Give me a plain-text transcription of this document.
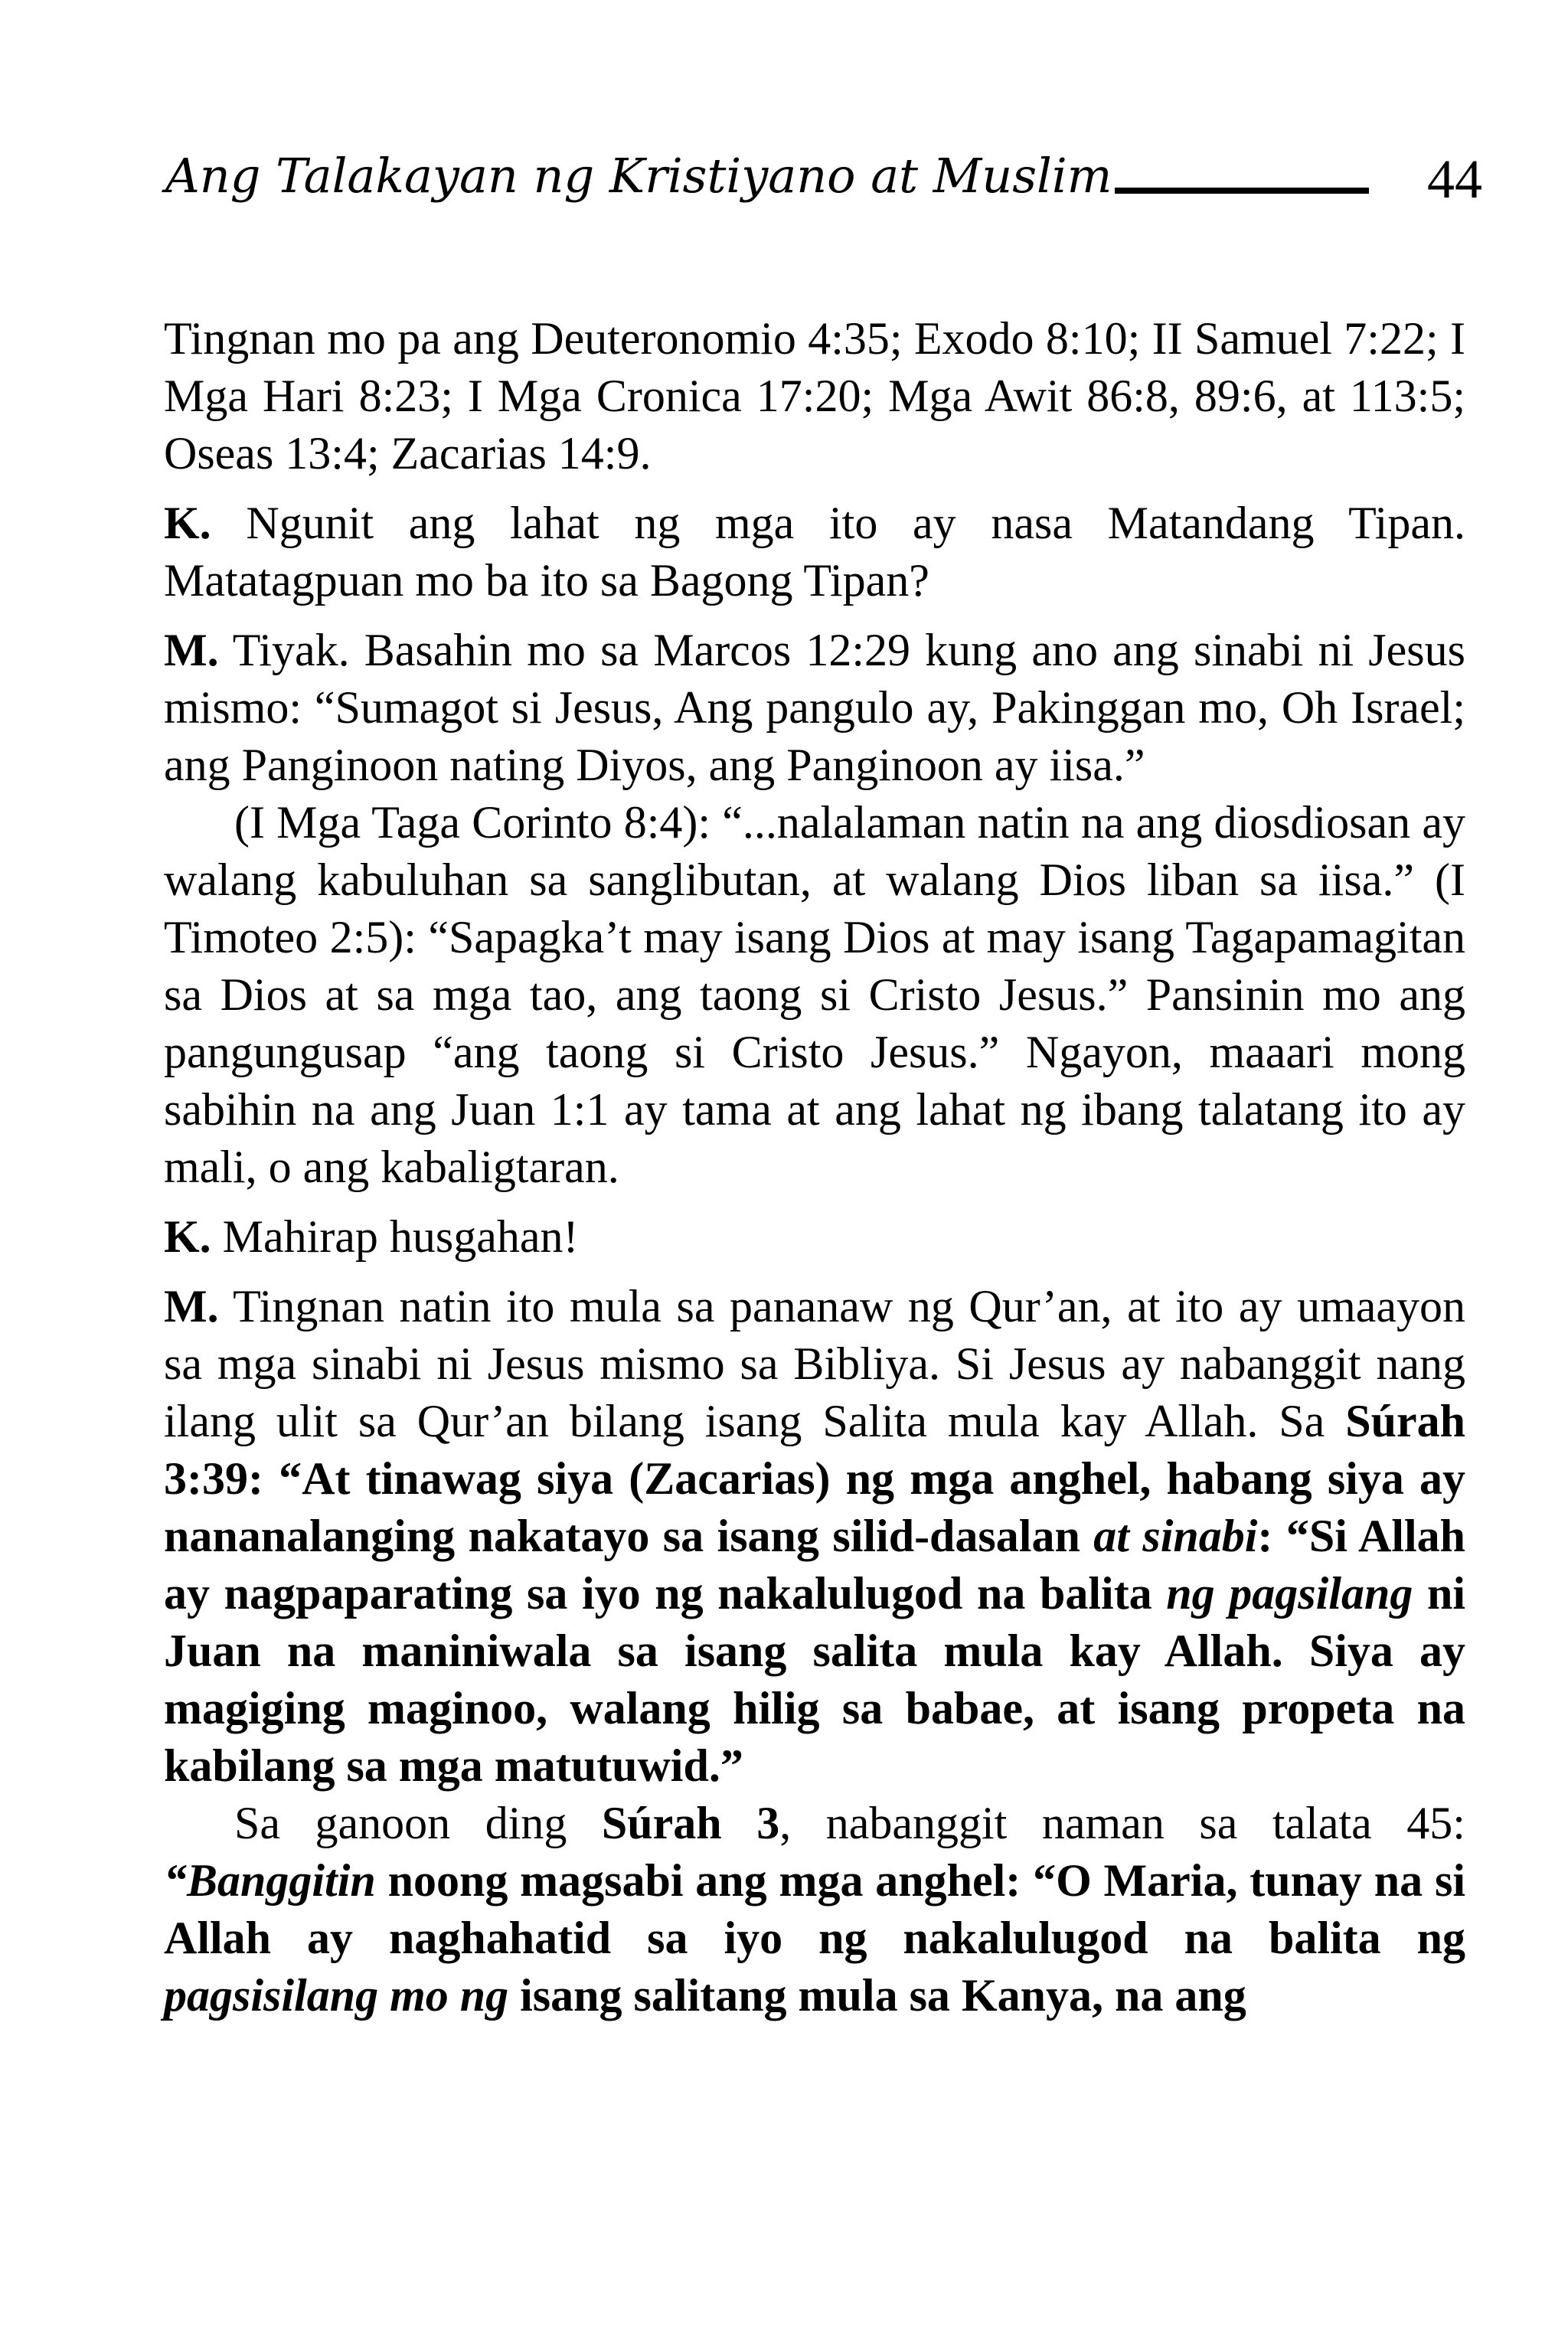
Ang Talakayan ng Kristiyano at Muslim	44

Tingnan mo pa ang Deuteronomio 4:35; Exodo 8:10; II Samuel 7:22; I Mga Hari 8:23; I Mga Cronica 17:20; Mga Awit 86:8, 89:6, at 113:5; Oseas 13:4; Zacarias 14:9.

K. Ngunit ang lahat ng mga ito ay nasa Matandang Tipan. Matatagpuan mo ba ito sa Bagong Tipan?

M. Tiyak. Basahin mo sa Marcos 12:29 kung ano ang sinabi ni Jesus mismo: “Sumagot si Jesus, Ang pangulo ay, Pakinggan mo, Oh Israel; ang Panginoon nating Diyos, ang Panginoon ay iisa.”

(I Mga Taga Corinto 8:4): “...nalalaman natin na ang diosdiosan ay walang kabuluhan sa sanglibutan, at walang Dios liban sa iisa.” (I Timoteo 2:5): “Sapagka’t may isang Dios at may isang Tagapamagitan sa Dios at sa mga tao, ang taong si Cristo Jesus.” Pansinin mo ang pangungusap “ang taong si Cristo Jesus.” Ngayon, maaari mong sabihin na ang Juan 1:1 ay tama at ang lahat ng ibang talatang ito ay mali, o ang kabaligtaran.

K. Mahirap husgahan!

M. Tingnan natin ito mula sa pananaw ng Qur’an, at ito ay umaayon sa mga sinabi ni Jesus mismo sa Bibliya. Si Jesus ay nabanggit nang ilang ulit sa Qur’an bilang isang Salita mula kay Allah. Sa Súrah 3:39: “At tinawag siya (Zacarias) ng mga anghel, habang siya ay nananalanging nakatayo sa isang silid-dasalan at sinabi: “Si Allah ay nagpaparating sa iyo ng nakalulugod na balita ng pagsilang ni Juan na maniniwala sa isang salita mula kay Allah. Siya ay magiging maginoo, walang hilig sa babae, at isang propeta na kabilang sa mga matutuwid.”

Sa ganoon ding Súrah 3, nabanggit naman sa talata 45: “Banggitin noong magsabi ang mga anghel: “O Maria, tunay na si Allah ay naghahatid sa iyo ng nakalulugod na balita ng pagsisilang mo ng isang salitang mula sa Kanya, na ang
